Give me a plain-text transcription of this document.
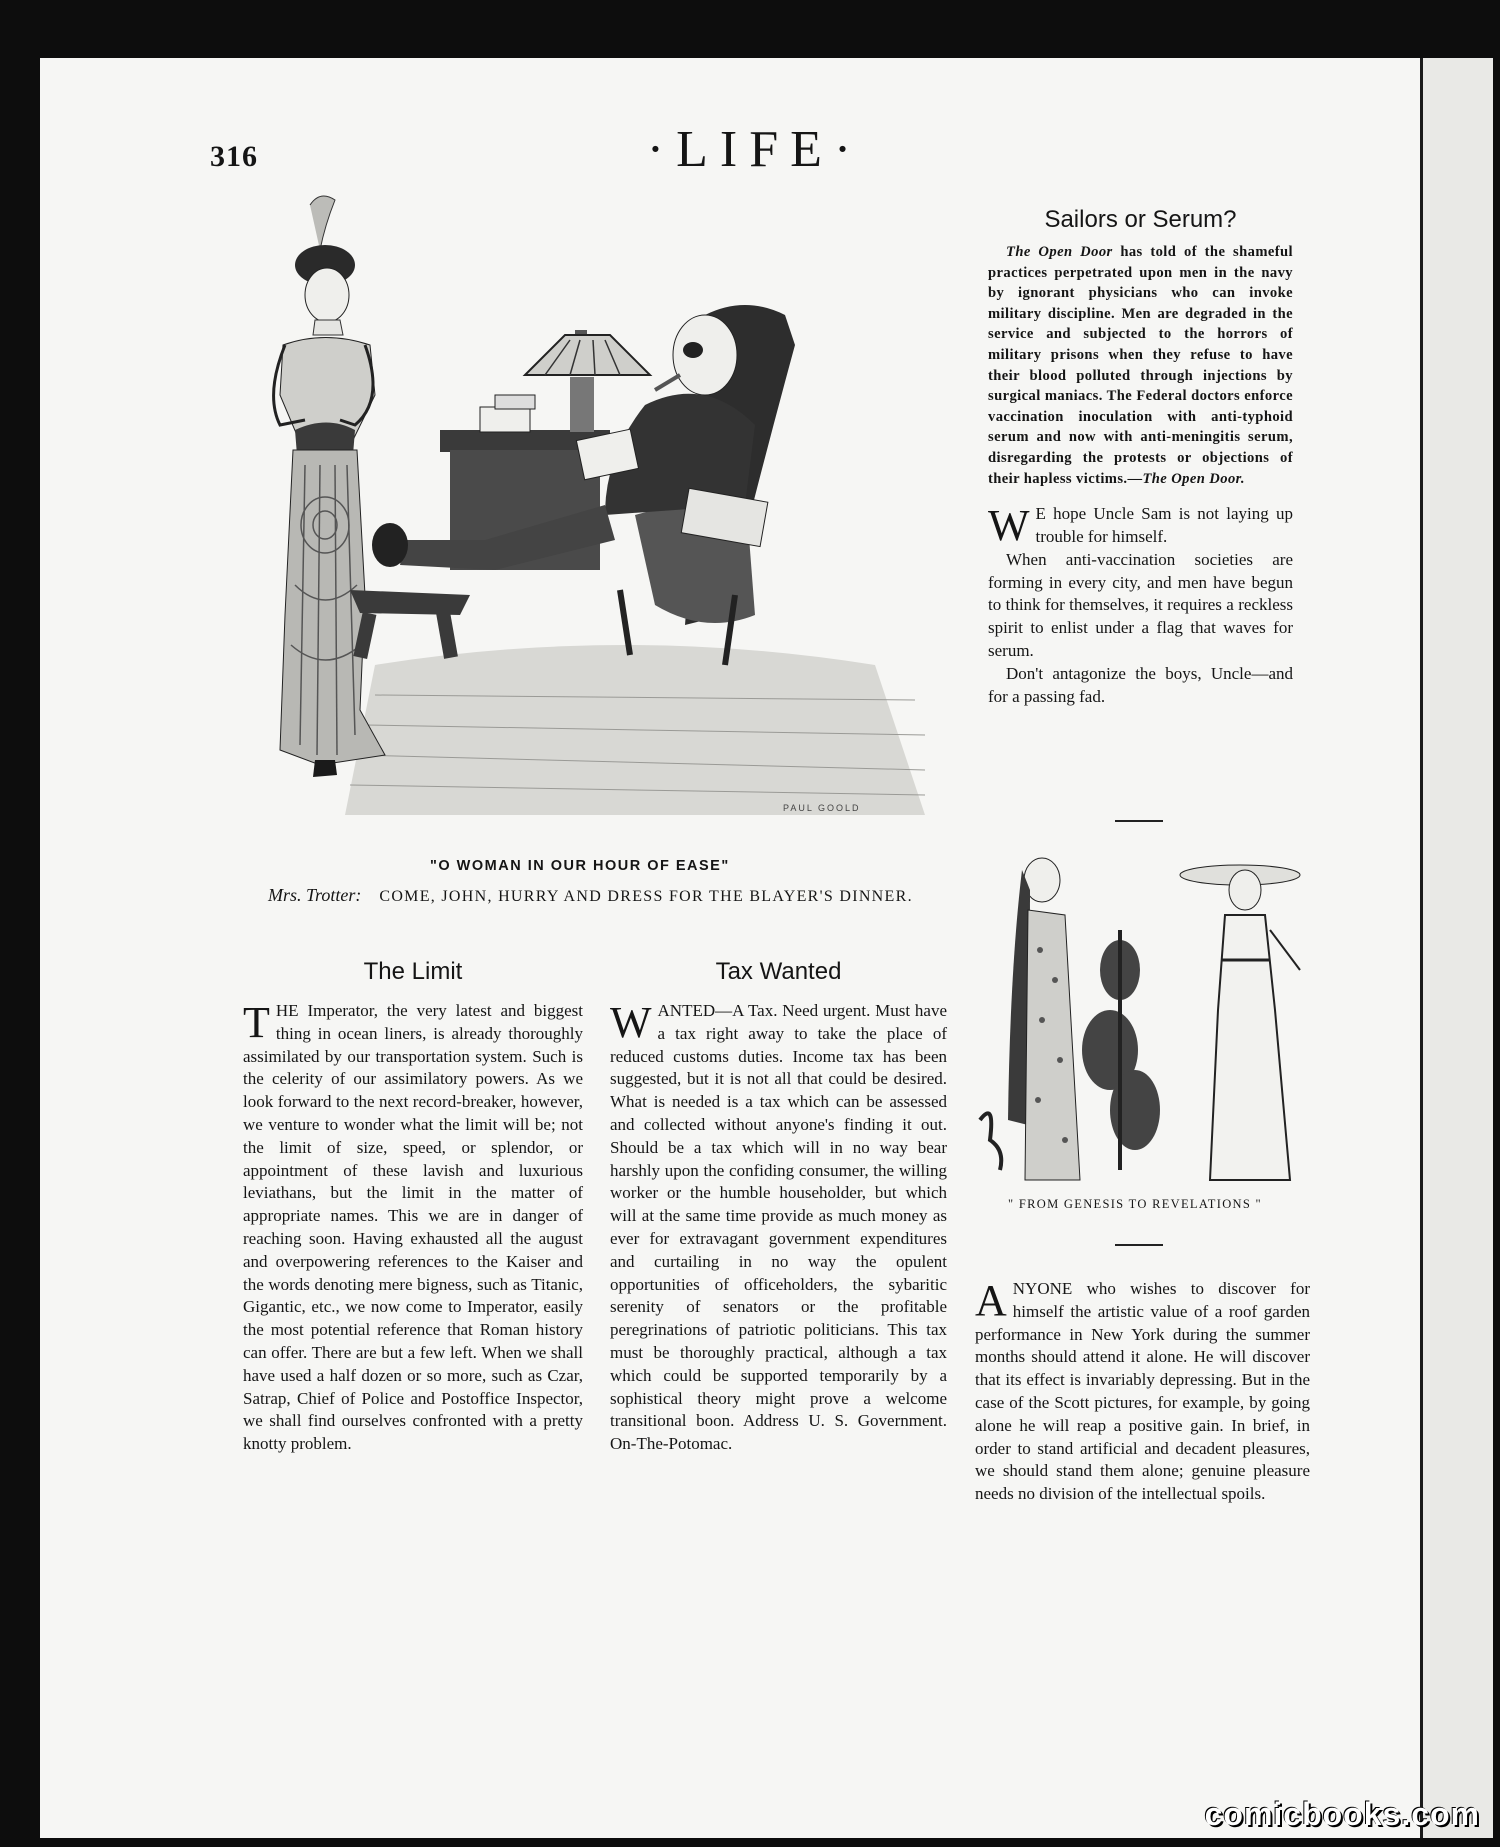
316	·LIFE·
PAUL GOOLD
"O WOMAN IN OUR HOUR OF EASE"
Mrs. Trotter: COME, JOHN, HURRY AND DRESS FOR THE BLAYER'S DINNER.
Sailors or Serum?

The Open Door has told of the shameful practices perpetrated upon men in the navy by ignorant physicians who can invoke military discipline. Men are degraded in the service and subjected to the horrors of military prisons when they refuse to have their blood polluted through injections by surgical maniacs. The Federal doctors enforce vaccination inoculation with anti-typhoid serum and now with anti-meningitis serum, disregarding the protests or objections of their hapless victims.—The Open Door.

W E hope Uncle Sam is not laying up trouble for himself.

When anti-vaccination societies are forming in every city, and men have begun to think for themselves, it requires a reckless spirit to enlist under a flag that waves for serum.

Don't antagonize the boys, Uncle—and for a passing fad.

" FROM GENESIS TO REVELATIONS "

ANYONE who wishes to discover for himself the artistic value of a roof garden performance in New York during the summer months should attend it alone. He will discover that its effect is invariably depressing. But in the case of the Scott pictures, for example, by going alone he will reap a positive gain. In brief, in order to stand artificial and decadent pleasures, we should stand them alone; genuine pleasure needs no division of the intellectual spoils.

The Limit

THE Imperator, the very latest and biggest thing in ocean liners, is already thoroughly assimilated by our transportation system. Such is the celerity of our assimilatory powers. As we look forward to the next record-breaker, however, we venture to wonder what the limit will be; not the limit of size, speed, or splendor, or appointment of these lavish and luxurious leviathans, but the limit in the matter of appropriate names. This we are in danger of reaching soon. Having exhausted all the august and overpowering references to the Kaiser and the words denoting mere bigness, such as Titanic, Gigantic, etc., we now come to Imperator, easily the most potential reference that Roman history can offer. There are but a few left. When we shall have used a half dozen or so more, such as Czar, Satrap, Chief of Police and Postoffice Inspector, we shall find ourselves confronted with a pretty knotty problem.

Tax Wanted

WANTED—A Tax. Need urgent. Must have a tax right away to take the place of reduced customs duties. Income tax has been suggested, but it is not all that could be desired. What is needed is a tax which can be assessed and collected without anyone's finding it out. Should be a tax which will in no way bear harshly upon the confiding consumer, the willing worker or the humble householder, but which will at the same time provide as much money as ever for extravagant government expenditures and curtailing in no way the opulent opportunities of officeholders, the sybaritic serenity of senators or the profitable peregrinations of patriotic politicians. This tax must be thoroughly practical, although a tax which could be supported temporarily by a sophistical theory might prove a welcome transitional boon. Address U. S. Government. On-The-Potomac.

comicbooks.com
